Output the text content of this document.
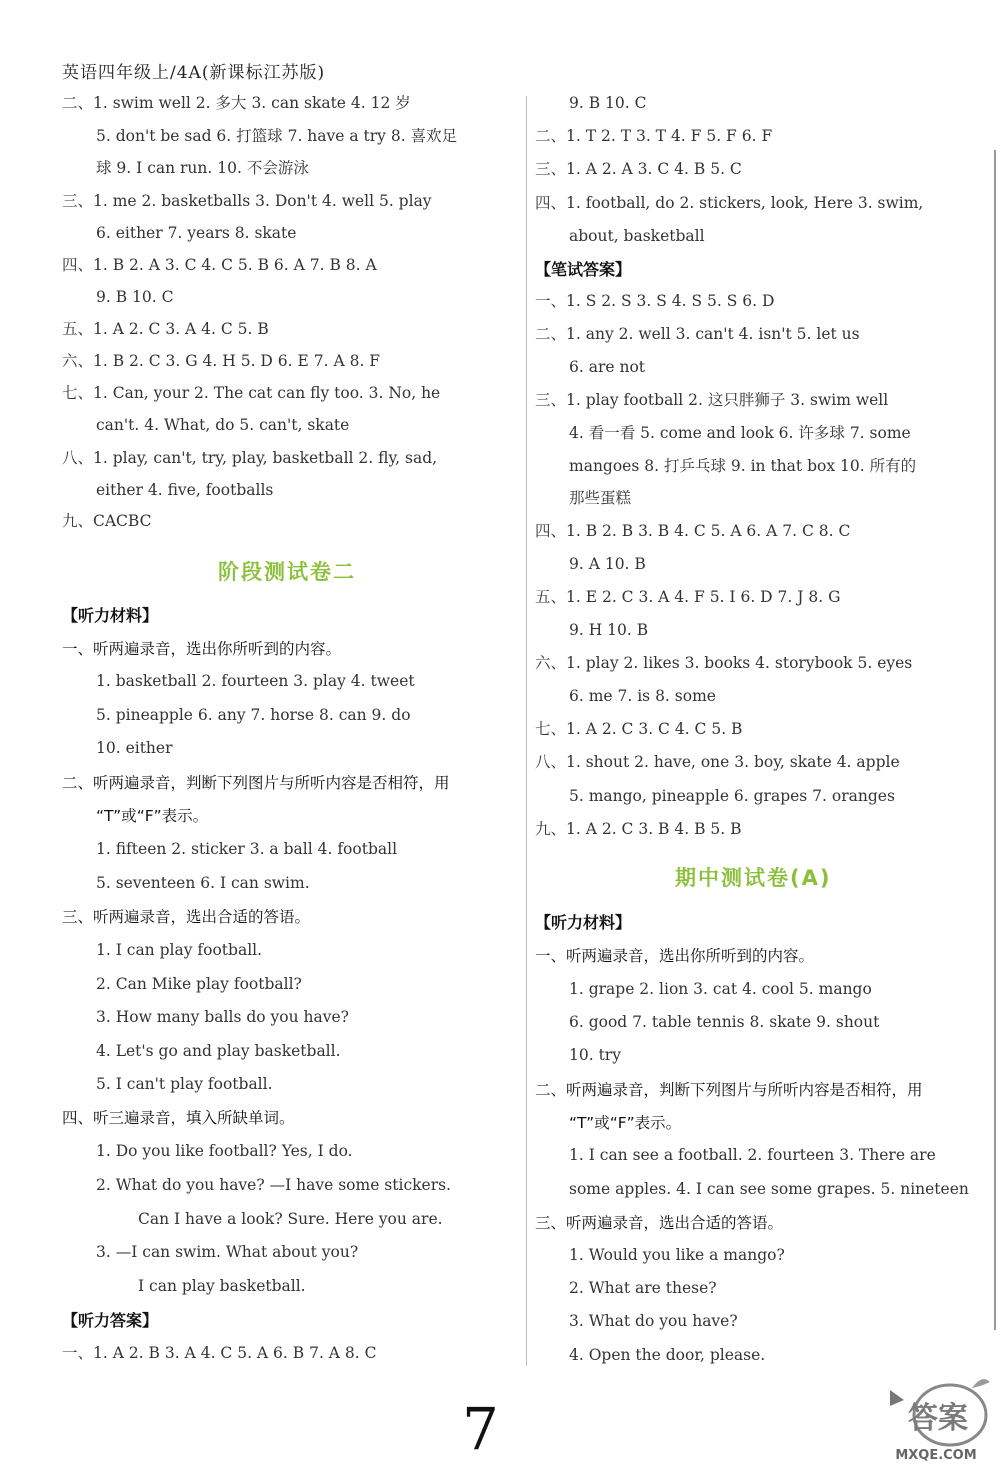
英语四年级上/4A(新课标江苏版)
二、1. swim well 2. 多大 3. can skate 4. 12 岁
5. don't be sad 6. 打篮球 7. have a try 8. 喜欢足
球 9. I can run. 10. 不会游泳
三、1. me 2. basketballs 3. Don't 4. well 5. play
6. either 7. years 8. skate
四、1. B 2. A 3. C 4. C 5. B 6. A 7. B 8. A
9. B 10. C
五、1. A 2. C 3. A 4. C 5. B
六、1. B 2. C 3. G 4. H 5. D 6. E 7. A 8. F
七、1. Can, your 2. The cat can fly too. 3. No, he
can't. 4. What, do 5. can't, skate
八、1. play, can't, try, play, basketball 2. fly, sad,
either 4. five, footballs
九、CACBC
阶段测试卷二
【听力材料】
一、听两遍录音，选出你所听到的内容。
1. basketball 2. fourteen 3. play 4. tweet
5. pineapple 6. any 7. horse 8. can 9. do
10. either
二、听两遍录音，判断下列图片与所听内容是否相符，用
“T”或“F”表示。
1. fifteen 2. sticker 3. a ball 4. football
5. seventeen 6. I can swim.
三、听两遍录音，选出合适的答语。
1. I can play football.
2. Can Mike play football?
3. How many balls do you have?
4. Let's go and play basketball.
5. I can't play football.
四、听三遍录音，填入所缺单词。
1. Do you like football? Yes, I do.
2. What do you have? —I have some stickers.
Can I have a look? Sure. Here you are.
3. —I can swim. What about you?
I can play basketball.
【听力答案】
一、1. A 2. B 3. A 4. C 5. A 6. B 7. A 8. C
9. B 10. C
二、1. T 2. T 3. T 4. F 5. F 6. F
三、1. A 2. A 3. C 4. B 5. C
四、1. football, do 2. stickers, look, Here 3. swim,
about, basketball
【笔试答案】
一、1. S 2. S 3. S 4. S 5. S 6. D
二、1. any 2. well 3. can't 4. isn't 5. let us
6. are not
三、1. play football 2. 这只胖狮子 3. swim well
4. 看一看 5. come and look 6. 许多球 7. some
mangoes 8. 打乒乓球 9. in that box 10. 所有的
那些蛋糕
四、1. B 2. B 3. B 4. C 5. A 6. A 7. C 8. C
9. A 10. B
五、1. E 2. C 3. A 4. F 5. I 6. D 7. J 8. G
9. H 10. B
六、1. play 2. likes 3. books 4. storybook 5. eyes
6. me 7. is 8. some
七、1. A 2. C 3. C 4. C 5. B
八、1. shout 2. have, one 3. boy, skate 4. apple
5. mango, pineapple 6. grapes 7. oranges
九、1. A 2. C 3. B 4. B 5. B
期中测试卷(A)
【听力材料】
一、听两遍录音，选出你所听到的内容。
1. grape 2. lion 3. cat 4. cool 5. mango
6. good 7. table tennis 8. skate 9. shout
10. try
二、听两遍录音，判断下列图片与所听内容是否相符，用
“T”或“F”表示。
1. I can see a football. 2. fourteen 3. There are
some apples. 4. I can see some grapes. 5. nineteen
三、听两遍录音，选出合适的答语。
1. Would you like a mango?
2. What are these?
3. What do you have?
4. Open the door, please.
7	答案
MXQE.COM
